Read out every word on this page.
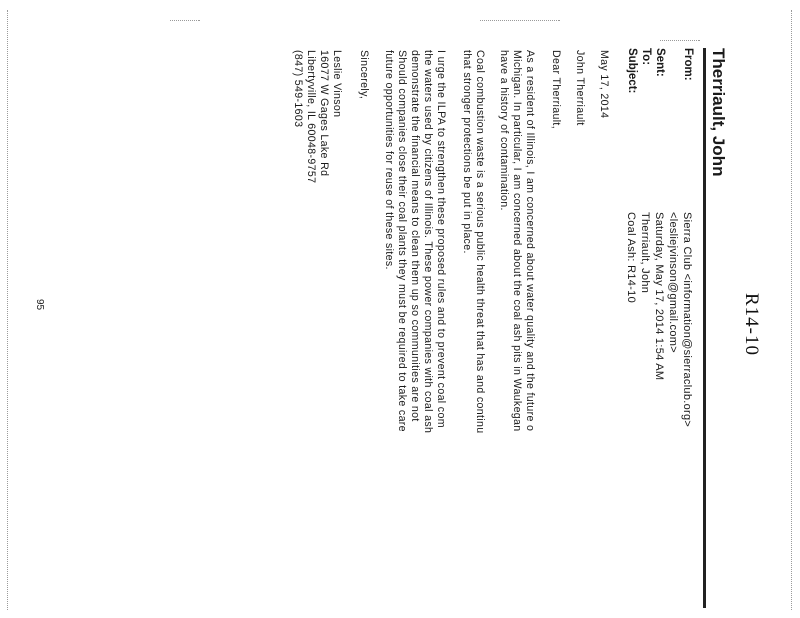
R14-10
Therriault, John
From:
Sent:
To:
Subject:
Sierra Club <information@sierraclub.org>
<lesliejvinson@gmail.com>
Saturday, May 17, 2014 1:54 AM
Therriault, John
Coal Ash: R14-10
May 17, 2014
John Therriault
Dear Therriault,
As a resident of Illinois, I am concerned about water quality and the future o
Michigan. In particular, I am concerned about the coal ash pits in Waukegan
have a history of contamination.
Coal combustion waste is a serious public health threat that has and continu
that stronger protections be put in place.
I urge the ILPA to strengthen these proposed rules and to prevent coal com
the waters used by citizens of Illinois. These power companies with coal ash
demonstrate the financial means to clean them up so communities are not
Should companies close their coal plants they must be required to take care
future opportunities for reuse of these sites.
Sincerely,
Leslie Vinson
16077 W Gages Lake Rd
Libertyville, IL 60048-9757
(847) 549-1603
95
